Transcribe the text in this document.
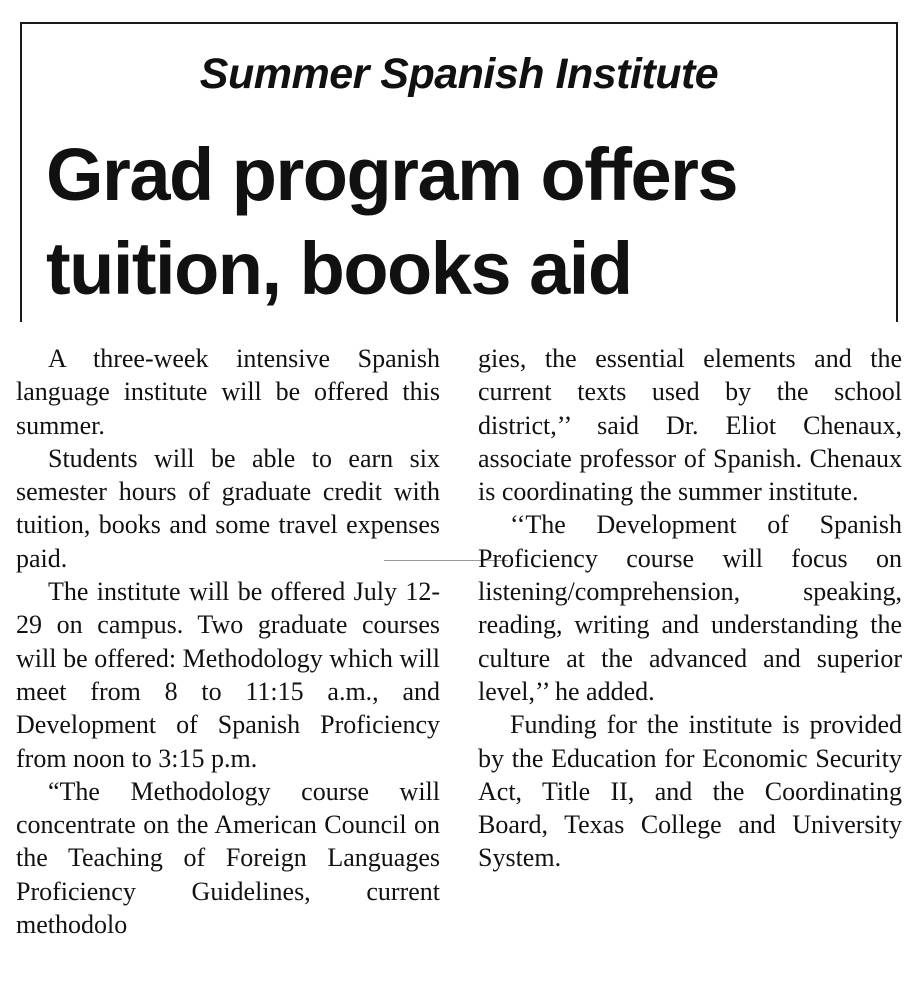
Summer Spanish Institute
Grad program offers
tuition, books aid

A three-week intensive Spanish language institute will be offered this summer.

Students will be able to earn six semester hours of graduate credit with tuition, books and some travel expenses paid.

The institute will be offered July 12-29 on campus. Two graduate courses will be offered: Methodology which will meet from 8 to 11:15 a.m., and Development of Spanish Proficiency from noon to 3:15 p.m.

“The Methodology course will concentrate on the American Council on the Teaching of Foreign Languages Proficiency Guidelines, current methodolo

gies, the essential elements and the current texts used by the school district,’’ said Dr. Eliot Chenaux, associate professor of Spanish. Chenaux is coordinating the summer institute.

‘‘The Development of Spanish Proficiency course will focus on listening/comprehension, speaking, reading, writing and understanding the culture at the advanced and superior level,’’ he added.

Funding for the institute is provided by the Education for Economic Security Act, Title II, and the Coordinating Board, Texas College and University System.
